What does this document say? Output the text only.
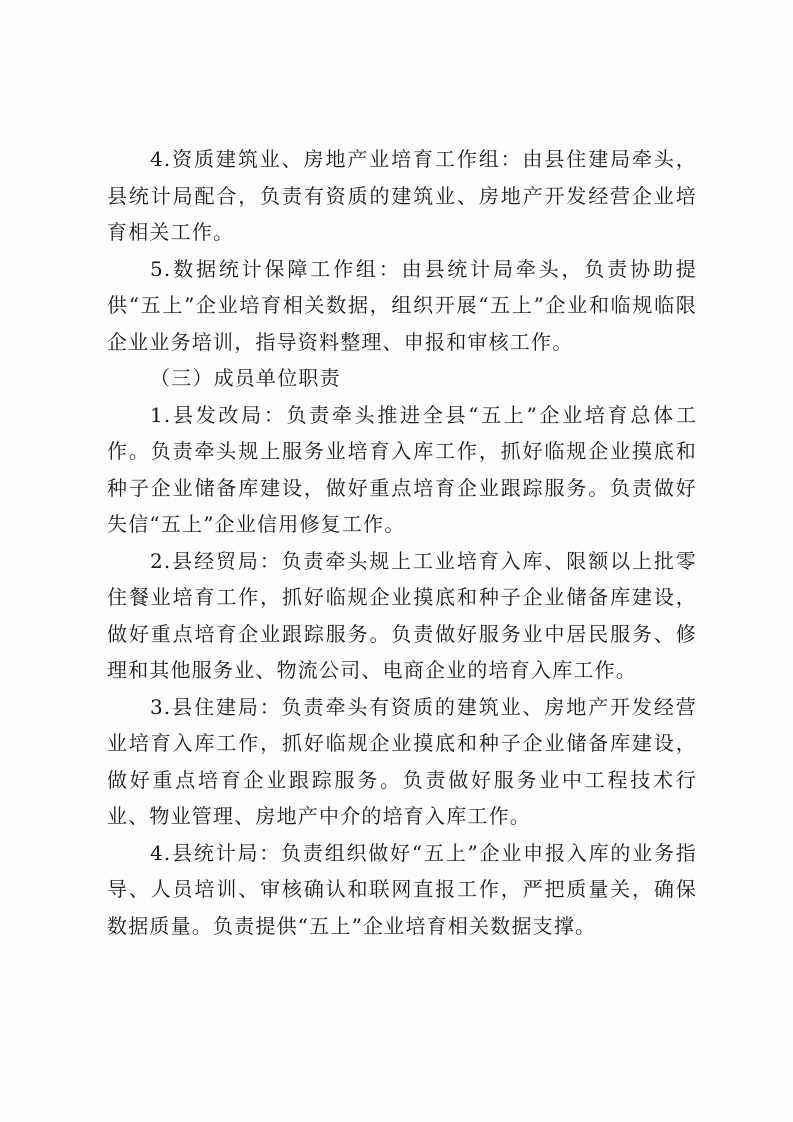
4.资质建筑业、房地产业培育工作组：由县住建局牵头，县统计局配合，负责有资质的建筑业、房地产开发经营企业培育相关工作。

5.数据统计保障工作组：由县统计局牵头，负责协助提供“五上”企业培育相关数据，组织开展“五上”企业和临规临限企业业务培训，指导资料整理、申报和审核工作。

（三）成员单位职责

1.县发改局：负责牵头推进全县“五上”企业培育总体工作。负责牵头规上服务业培育入库工作，抓好临规企业摸底和种子企业储备库建设，做好重点培育企业跟踪服务。负责做好失信“五上”企业信用修复工作。

2.县经贸局：负责牵头规上工业培育入库、限额以上批零住餐业培育工作，抓好临规企业摸底和种子企业储备库建设，做好重点培育企业跟踪服务。负责做好服务业中居民服务、修理和其他服务业、物流公司、电商企业的培育入库工作。

3.县住建局：负责牵头有资质的建筑业、房地产开发经营业培育入库工作，抓好临规企业摸底和种子企业储备库建设，做好重点培育企业跟踪服务。负责做好服务业中工程技术行业、物业管理、房地产中介的培育入库工作。

4.县统计局：负责组织做好“五上”企业申报入库的业务指导、人员培训、审核确认和联网直报工作，严把质量关，确保数据质量。负责提供“五上”企业培育相关数据支撑。
